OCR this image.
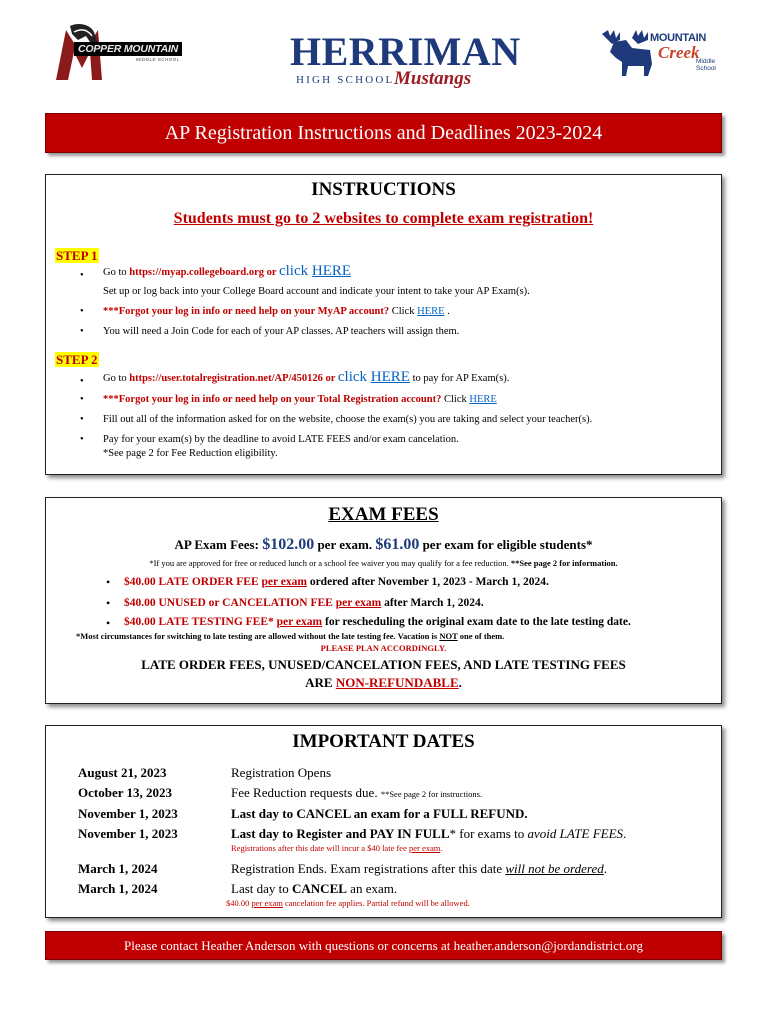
COPPER MOUNTAIN
MIDDLE SCHOOL	HERRIMAN
HIGH SCHOOL Mustangs
MOUNTAIN
Creek
Middle
School
AP Registration Instructions and Deadlines 2023-2024
INSTRUCTIONS
Students must go to 2 websites to complete exam registration!
STEP 1
• Go to https://myap.collegeboard.org or click HERE
Set up or log back into your College Board account and indicate your intent to take your AP Exam(s).
• ***Forgot your log in info or need help on your MyAP account? Click HERE .
• You will need a Join Code for each of your AP classes. AP teachers will assign them.
STEP 2
• Go to https://user.totalregistration.net/AP/450126 or click HERE to pay for AP Exam(s).
• ***Forgot your log in info or need help on your Total Registration account? Click HERE
• Fill out all of the information asked for on the website, choose the exam(s) you are taking and select your teacher(s).
• Pay for your exam(s) by the deadline to avoid LATE FEES and/or exam cancelation.
*See page 2 for Fee Reduction eligibility.
EXAM FEES
AP Exam Fees: $102.00 per exam. $61.00 per exam for eligible students*
*If you are approved for free or reduced lunch or a school fee waiver you may qualify for a fee reduction. **See page 2 for information.
• $40.00 LATE ORDER FEE per exam ordered after November 1, 2023 - March 1, 2024.
• $40.00 UNUSED or CANCELATION FEE per exam after March 1, 2024.
• $40.00 LATE TESTING FEE* per exam for rescheduling the original exam date to the late testing date.
*Most circumstances for switching to late testing are allowed without the late testing fee. Vacation is NOT one of them.
PLEASE PLAN ACCORDINGLY.
LATE ORDER FEES, UNUSED/CANCELATION FEES, AND LATE TESTING FEES
ARE NON-REFUNDABLE.
IMPORTANT DATES
August 21, 2023	Registration Opens
October 13, 2023	Fee Reduction requests due. **See page 2 for instructions.
November 1, 2023	Last day to CANCEL an exam for a FULL REFUND.
November 1, 2023	Last day to Register and PAY IN FULL* for exams to avoid LATE FEES.
Registrations after this date will incur a $40 late fee per exam.
March 1, 2024	Registration Ends. Exam registrations after this date will not be ordered.
March 1, 2024	Last day to CANCEL an exam.
$40.00 per exam cancelation fee applies. Partial refund will be allowed.
Please contact Heather Anderson with questions or concerns at heather.anderson@jordandistrict.org
